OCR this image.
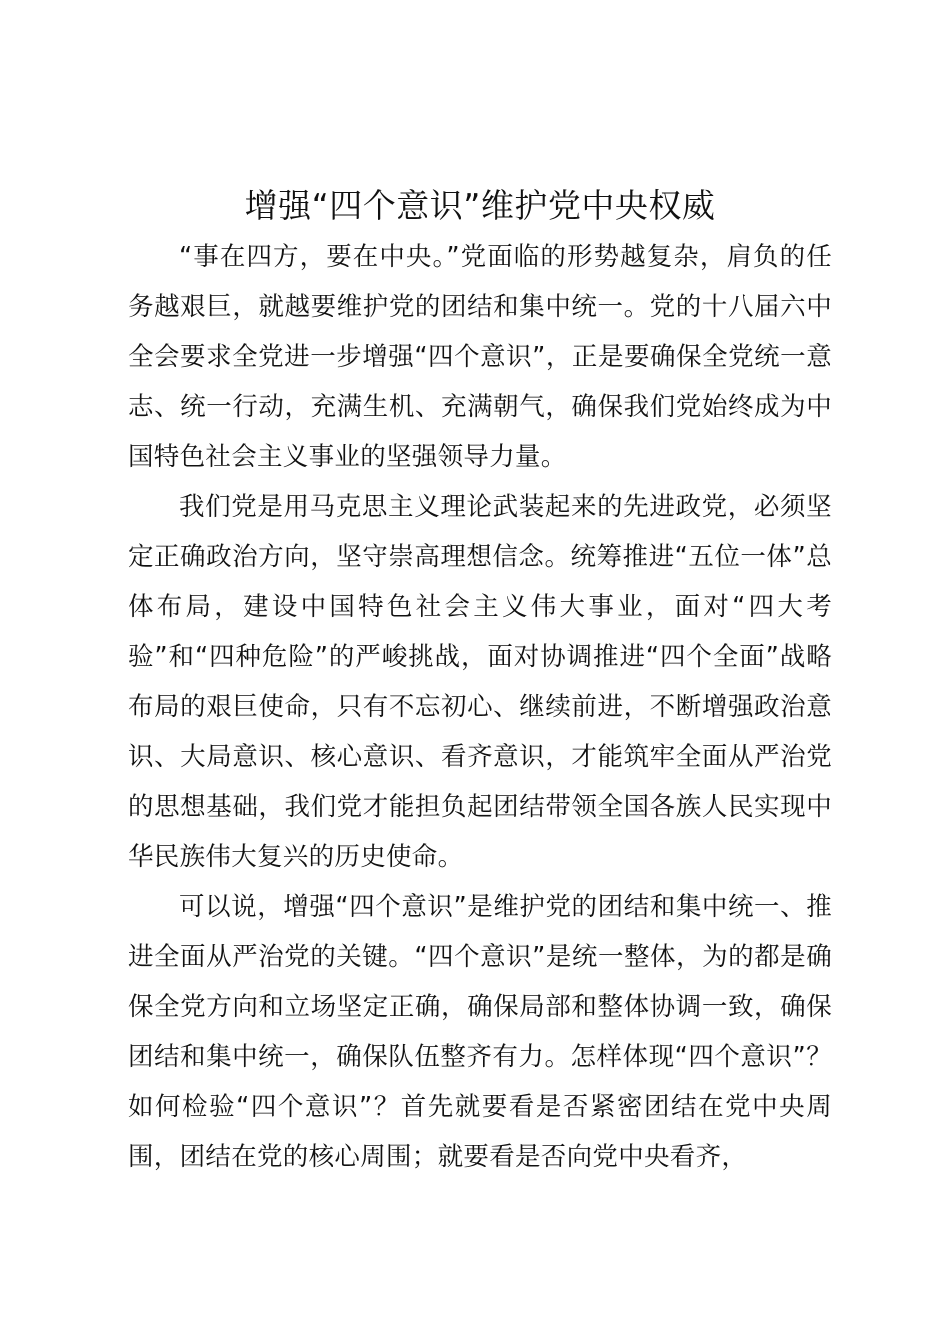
增强“四个意识”维护党中央权威

“事在四方，要在中央。”党面临的形势越复杂，肩负的任务越艰巨，就越要维护党的团结和集中统一。党的十八届六中全会要求全党进一步增强“四个意识”，正是要确保全党统一意志、统一行动，充满生机、充满朝气，确保我们党始终成为中国特色社会主义事业的坚强领导力量。

我们党是用马克思主义理论武装起来的先进政党，必须坚定正确政治方向，坚守崇高理想信念。统筹推进“五位一体”总体布局，建设中国特色社会主义伟大事业，面对“四大考验”和“四种危险”的严峻挑战，面对协调推进“四个全面”战略布局的艰巨使命，只有不忘初心、继续前进，不断增强政治意识、大局意识、核心意识、看齐意识，才能筑牢全面从严治党的思想基础，我们党才能担负起团结带领全国各族人民实现中华民族伟大复兴的历史使命。

可以说，增强“四个意识”是维护党的团结和集中统一、推进全面从严治党的关键。“四个意识”是统一整体，为的都是确保全党方向和立场坚定正确，确保局部和整体协调一致，确保团结和集中统一，确保队伍整齐有力。怎样体现“四个意识”？如何检验“四个意识”？首先就要看是否紧密团结在党中央周围，团结在党的核心周围；就要看是否向党中央看齐，
